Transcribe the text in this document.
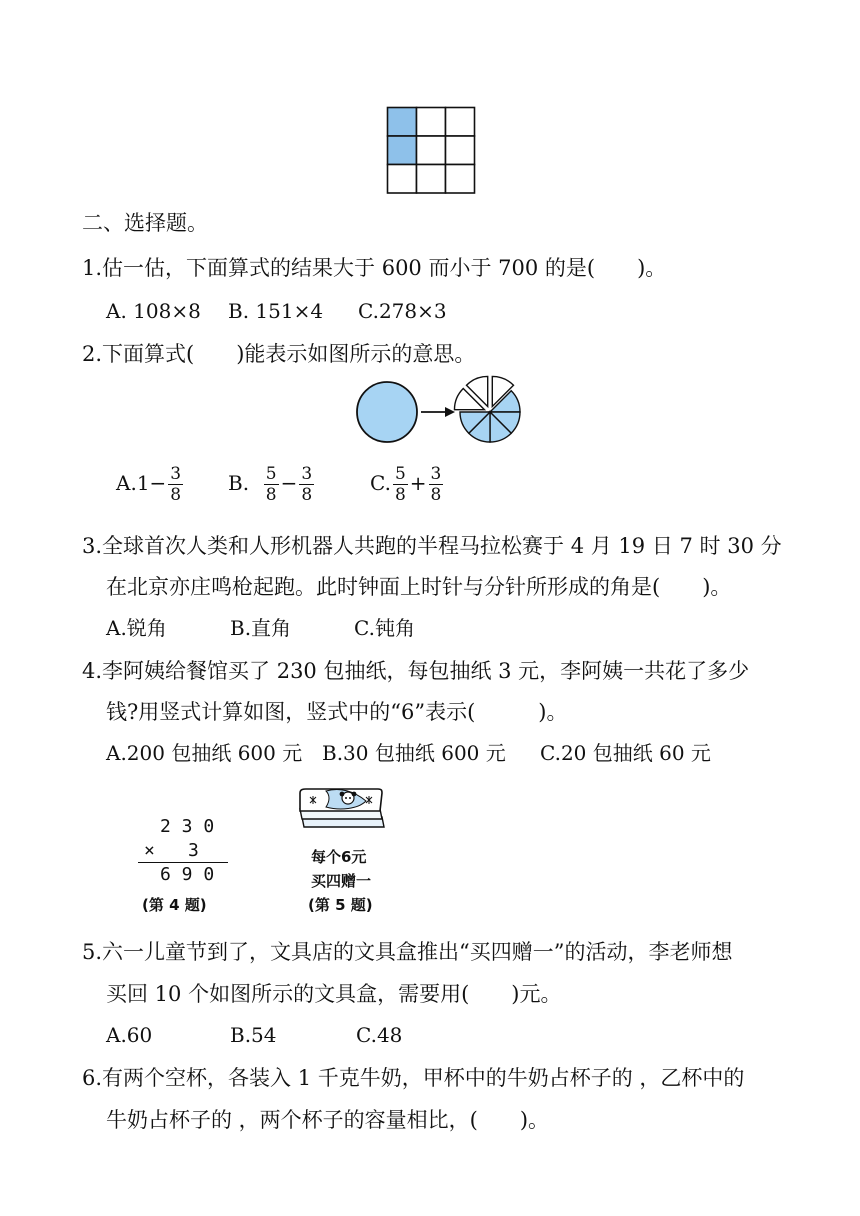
二、选择题。
1.估一估，下面算式的结果大于 600 而小于 700 的是(　　)。
A. 108×8 B. 151×4 C.278×3
2.下面算式(　　)能表示如图所示的意思。
$A.1- \frac{3}{8} B$. $\frac{5}{8} - \frac{3}{8}$	C. $\frac{5}{8} + \frac{3}{8}$
3.全球首次人类和人形机器人共跑的半程马拉松赛于 4 月 19 日 7 时 30 分
在北京亦庄鸣枪起跑。此时钟面上时针与分针所形成的角是(　　)。
A.锐角	B.直角	C.钝角
4.李阿姨给餐馆买了 230 包抽纸，每包抽纸 3 元，李阿姨一共花了多少
钱?用竖式计算如图，竖式中的“6”表示(　　　)。
A.200 包抽纸 600 元 B.30 包抽纸 600 元 C.20 包抽纸 60 元
2 3 0
× 3
6 9 0
(第 4 题)
每个6元
买四赠一
(第 5 题)
5.六一儿童节到了，文具店的文具盒推出“买四赠一”的活动，李老师想
买回 10 个如图所示的文具盒，需要用(　　)元。
A.60	B.54	C.48
6.有两个空杯，各装入 1 千克牛奶，甲杯中的牛奶占杯子的 ，乙杯中的
牛奶占杯子的 ，两个杯子的容量相比，(　　)。
